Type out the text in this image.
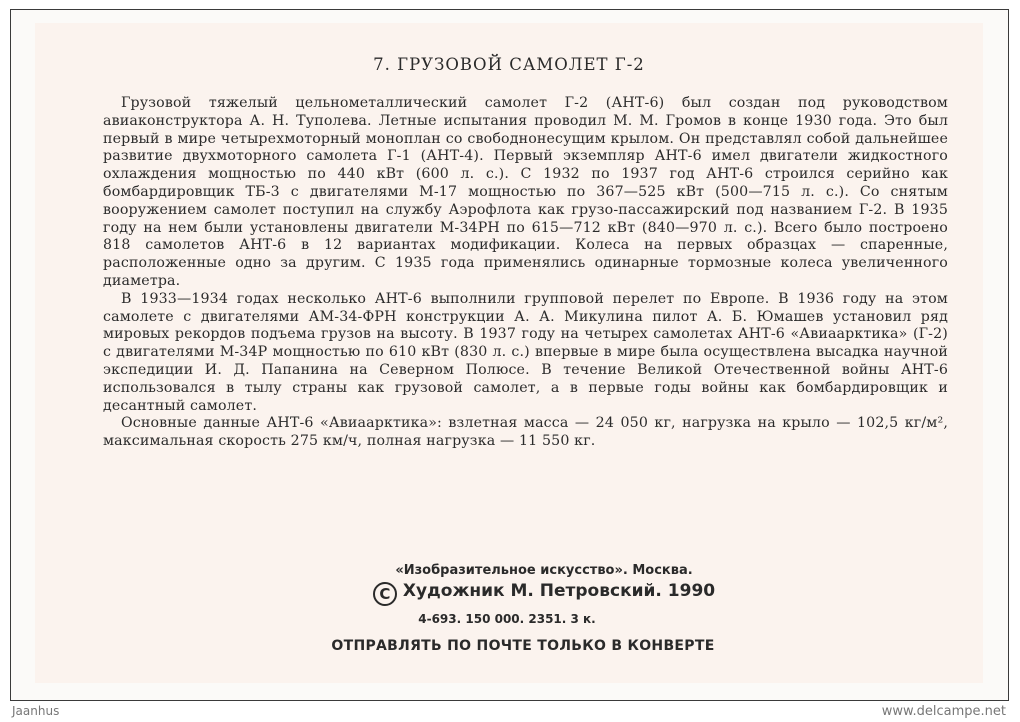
7. ГРУЗОВОЙ САМОЛЕТ Г-2

Грузовой тяжелый цельнометаллический самолет Г-2 (АНТ-6) был создан под руководством авиаконструктора А. Н. Туполева. Летные испытания проводил М. М. Громов в конце 1930 года. Это был первый в мире четырехмоторный моноплан со свободнонесущим крылом. Он представлял собой дальнейшее развитие двухмоторного самолета Г-1 (АНТ-4). Первый экземпляр АНТ-6 имел двигатели жидкостного охлаждения мощностью по 440 кВт (600 л. с.). С 1932 по 1937 год АНТ-6 строился серийно как бомбардировщик ТБ-3 с двигателями М-17 мощностью по 367—525 кВт (500—715 л. с.). Со снятым вооружением самолет поступил на службу Аэрофлота как грузо-пассажирский под названием Г-2. В 1935 году на нем были установлены двигатели М-34РН по 615—712 кВт (840—970 л. с.). Всего было построено 818 самолетов АНТ-6 в 12 вариантах модификации. Колеса на первых образцах — спаренные, расположенные одно за другим. С 1935 года применялись одинарные тормозные колеса увеличенного диаметра.

В 1933—1934 годах несколько АНТ-6 выполнили групповой перелет по Европе. В 1936 году на этом самолете с двигателями АМ-34-ФРН конструкции А. А. Микулина пилот А. Б. Юмашев установил ряд мировых рекордов подъема грузов на высоту. В 1937 году на четырех самолетах АНТ-6 «Авиаарктика» (Г-2) с двигателями М-34Р мощностью по 610 кВт (830 л. с.) впервые в мире была осуществлена высадка научной экспедиции И. Д. Папанина на Северном Полюсе. В течение Великой Отечественной войны АНТ-6 использовался в тылу страны как грузовой самолет, а в первые годы войны как бомбардировщик и десантный самолет.

Основные данные АНТ-6 «Авиаарктика»: взлетная масса — 24 050 кг, нагрузка на крыло — 102,5 кг/м², максимальная скорость 275 км/ч, полная нагрузка — 11 550 кг.

«Изобразительное искусство». Москва.
C Художник М. Петровский. 1990
4-693. 150 000. 2351. 3 к.
ОТПРАВЛЯТЬ ПО ПОЧТЕ ТОЛЬКО В КОНВЕРТЕ
Jaanhus	www.delcampe.net
